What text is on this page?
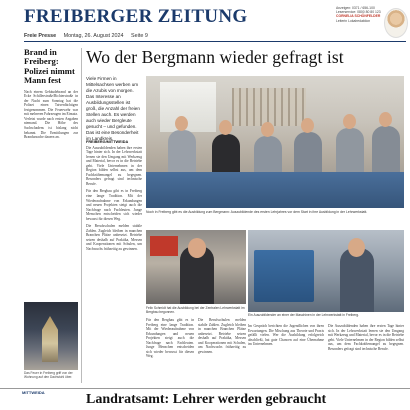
FREIBERGER ZEITUNG
Freie Presse Montag, 26. August 2024 Seite 9
Anzeigen: 0371 / 656-100
Leserservice: 0800 80 80 123
CORNELIA SCHÖNFELDER
Leiterin Lokalredaktion
Brand in Freiberg: Polizei nimmt Mann fest
Nach einem Gebäudebrand an der Ecke Schillerstraße/Richterstraße in der Nacht zum Sonntag hat die Polizei einen Tatverdächtigen festgenommen. Die Feuerwehr war mit mehreren Fahrzeugen im Einsatz. Verletzt wurde nach ersten Angaben niemand. Die Höhe des Sachschadens ist bislang nicht bekannt. Die Ermittlungen zur Brandursache dauern an.
Das Feuer in Freiberg griff von der Wohnung auf den Dachstuhl über.
Wo der Bergmann wieder gefragt ist
Viele Firmen in Mittelsachsen werben um die Azubis von morgen. Das Interesse an Ausbildungsstellen ist groß, die Anzahl der freien Stellen auch. Es werden auch wieder Bergleute gesucht – und gefunden. Das ist eine Besonderheit im Landkreis.
Noch in Freiberg gibt es die Ausbildung zum Bergmann: Auszubildende des ersten Lehrjahres vor dem Start in ihre Ausbildung in der Lehrwerkstatt.
FREIBERG/MITTWEIDA
Die Auszubildenden haben ihre ersten Tage hinter sich. In der Lehrwerkstatt lernen sie den Umgang mit Werkzeug und Material, bevor es in die Betriebe geht. Viele Unternehmen in der Region bilden selbst aus, um dem Fachkräftemangel zu begegnen. Besonders gefragt sind technische Berufe.
Für den Bergbau gibt es in Freiberg eine lange Tradition. Mit der Wiederaufnahme von Erkundungen und neuen Projekten steigt auch die Nachfrage nach Fachleuten. Junge Menschen entscheiden sich wieder bewusst für diesen Weg.
Die Berufsschulen melden stabile Zahlen. Zugleich bleiben in manchen Branchen Plätze unbesetzt. Betriebe setzen deshalb auf Praktika, Messen und Kooperationen mit Schulen, um Nachwuchs frühzeitig zu gewinnen.
Felix Schmidt hat die Ausbildung bei der Zentralen Lehrwerkstatt im Bergbau begonnen.
Ein Auszubildender an einer der Maschinen in der Lehrwerkstatt in Freiberg.
Für den Bergbau gibt es in Freiberg eine lange Tradition. Mit der Wiederaufnahme von Erkundungen und neuen Projekten steigt auch die Nachfrage nach Fachleuten. Junge Menschen entscheiden sich wieder bewusst für diesen Weg.
Die Berufsschulen melden stabile Zahlen. Zugleich bleiben in manchen Branchen Plätze unbesetzt. Betriebe setzen deshalb auf Praktika, Messen und Kooperationen mit Schulen, um Nachwuchs frühzeitig zu gewinnen.
Im Gespräch berichten die Jugendlichen von ihren Erwartungen. Die Mischung aus Theorie und Praxis gefällt vielen. Wer die Ausbildung erfolgreich abschließt, hat gute Chancen auf eine Übernahme im Unternehmen.
Die Auszubildenden haben ihre ersten Tage hinter sich. In der Lehrwerkstatt lernen sie den Umgang mit Werkzeug und Material, bevor es in die Betriebe geht. Viele Unternehmen in der Region bilden selbst aus, um dem Fachkräftemangel zu begegnen. Besonders gefragt sind technische Berufe.
MITTWEIDA	Landratsamt: Lehrer werden gebraucht
